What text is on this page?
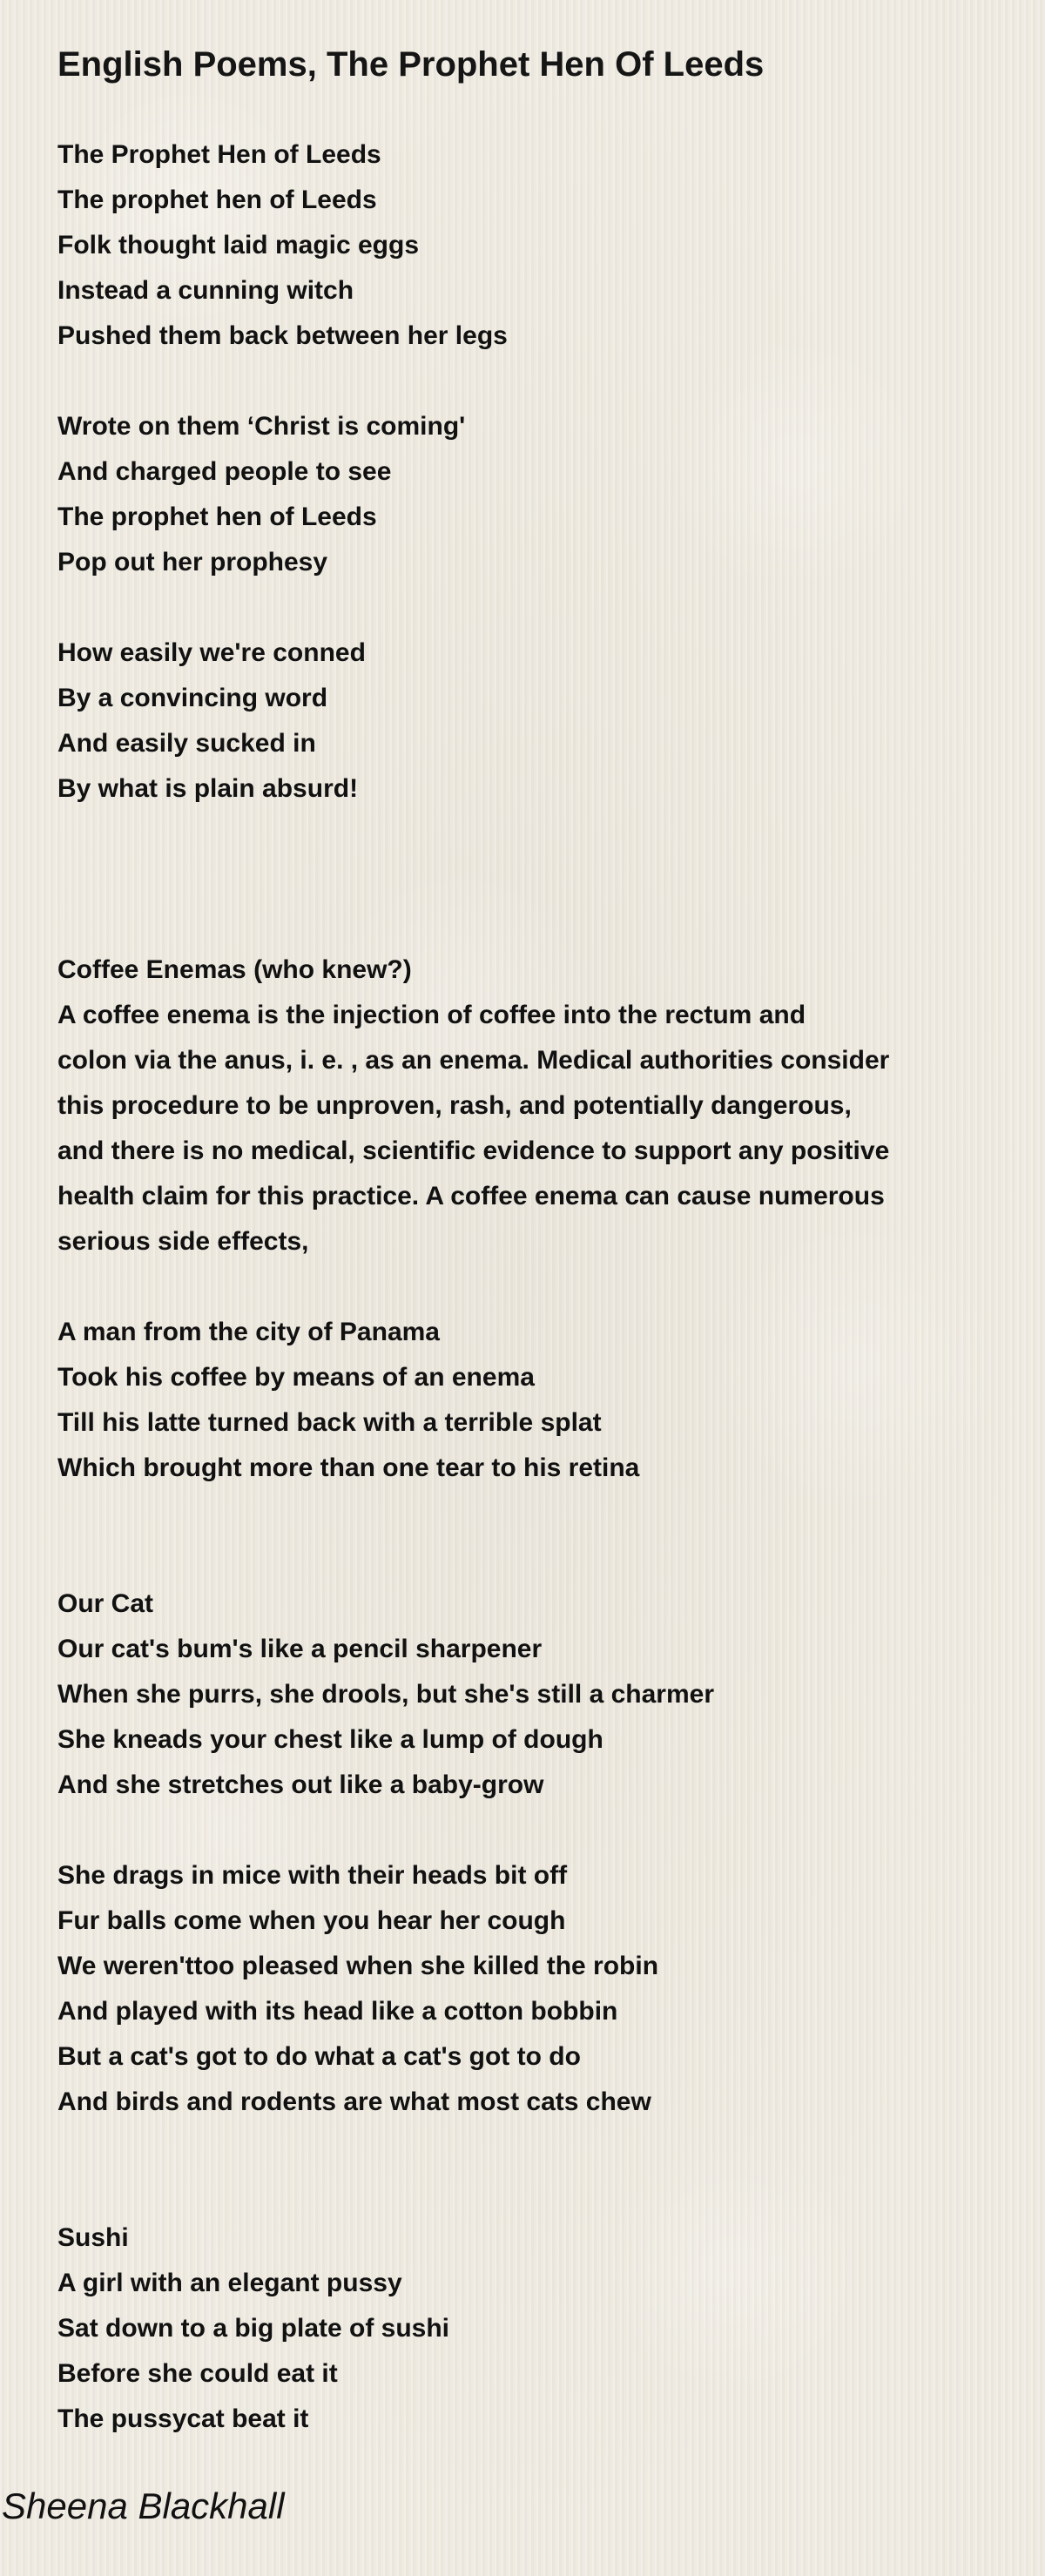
English Poems, The Prophet Hen Of Leeds
The Prophet Hen of Leeds
The prophet hen of Leeds
Folk thought laid magic eggs
Instead a cunning witch
Pushed them back between her legs
Wrote on them ‘Christ is coming'
And charged people to see
The prophet hen of Leeds
Pop out her prophesy
How easily we're conned
By a convincing word
And easily sucked in
By what is plain absurd!
Coffee Enemas (who knew?)
A coffee enema is the injection of coffee into the rectum and
colon via the anus, i. e. , as an enema. Medical authorities consider
this procedure to be unproven, rash, and potentially dangerous,
and there is no medical, scientific evidence to support any positive
health claim for this practice. A coffee enema can cause numerous
serious side effects,
A man from the city of Panama
Took his coffee by means of an enema
Till his latte turned back with a terrible splat
Which brought more than one tear to his retina
Our Cat
Our cat's bum's like a pencil sharpener
When she purrs, she drools, but she's still a charmer
She kneads your chest like a lump of dough
And she stretches out like a baby-grow
She drags in mice with their heads bit off
Fur balls come when you hear her cough
We weren'ttoo pleased when she killed the robin
And played with its head like a cotton bobbin
But a cat's got to do what a cat's got to do
And birds and rodents are what most cats chew
Sushi
A girl with an elegant pussy
Sat down to a big plate of sushi
Before she could eat it
The pussycat beat it
Sheena Blackhall
